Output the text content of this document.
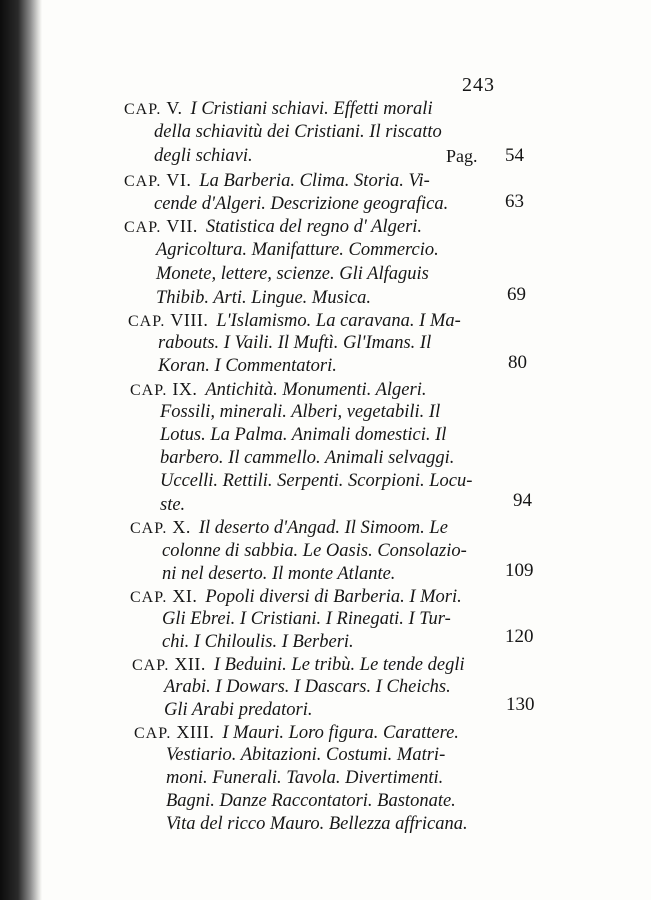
243
CAP. V. I Cristiani schiavi. Effetti morali
della schiavitù dei Cristiani. Il riscatto
degli schiavi.	Pag. 54
CAP. VI. La Barberia. Clima. Storia. Vi-
cende d'Algeri. Descrizione geografica.	63
CAP. VII. Statistica del regno d' Algeri.
Agricoltura. Manifatture. Commercio.
Monete, lettere, scienze. Gli Alfaguis
Thibib. Arti. Lingue. Musica.	69
CAP. VIII. L'Islamismo. La caravana. I Ma-
rabouts. I Vaili. Il Muftì. Gl'Imans. Il
Koran. I Commentatori.	80
CAP. IX. Antichità. Monumenti. Algeri.
Fossili, minerali. Alberi, vegetabili. Il
Lotus. La Palma. Animali domestici. Il
barbero. Il cammello. Animali selvaggi.
Uccelli. Rettili. Serpenti. Scorpioni. Locu-
ste.	94
CAP. X. Il deserto d'Angad. Il Simoom. Le
colonne di sabbia. Le Oasis. Consolazio-
ni nel deserto. Il monte Atlante.	109
CAP. XI. Popoli diversi di Barberia. I Mori.
Gli Ebrei. I Cristiani. I Rinegati. I Tur-
chi. I Chiloulis. I Berberi.	120
CAP. XII. I Beduini. Le tribù. Le tende degli
Arabi. I Dowars. I Dascars. I Cheichs.
Gli Arabi predatori.	130
CAP. XIII. I Mauri. Loro figura. Carattere.
Vestiario. Abitazioni. Costumi. Matri-
moni. Funerali. Tavola. Divertimenti.
Bagni. Danze Raccontatori. Bastonate.
Vita del ricco Mauro. Bellezza affricana.
